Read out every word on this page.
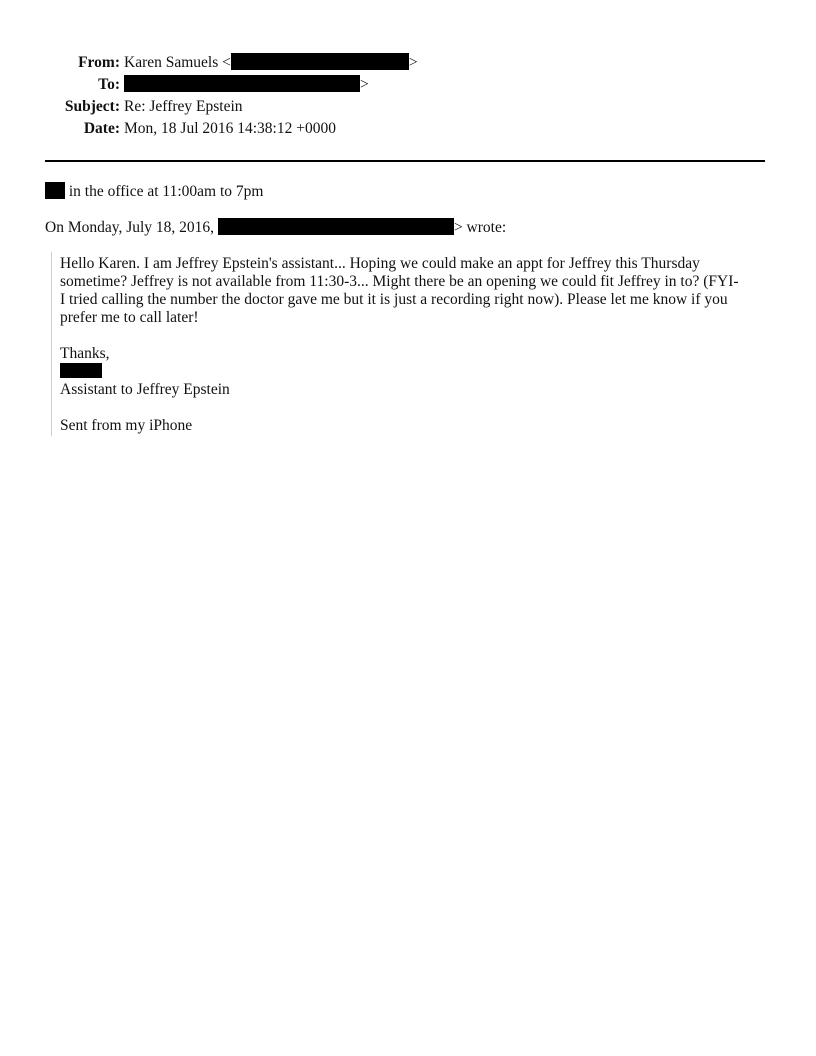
From: Karen Samuels <	>
To:	>
Subject: Re: Jeffrey Epstein
Date: Mon, 18 Jul 2016 14:38:12 +0000
in the office at 11:00am to 7pm
On Monday, July 18, 2016,	> wrote:
Hello Karen. I am Jeffrey Epstein's assistant... Hoping we could make an appt for Jeffrey this Thursday
sometime? Jeffrey is not available from 11:30-3... Might there be an opening we could fit Jeffrey in to? (FYI-
I tried calling the number the doctor gave me but it is just a recording right now). Please let me know if you
prefer me to call later!
Thanks,
Assistant to Jeffrey Epstein
Sent from my iPhone
